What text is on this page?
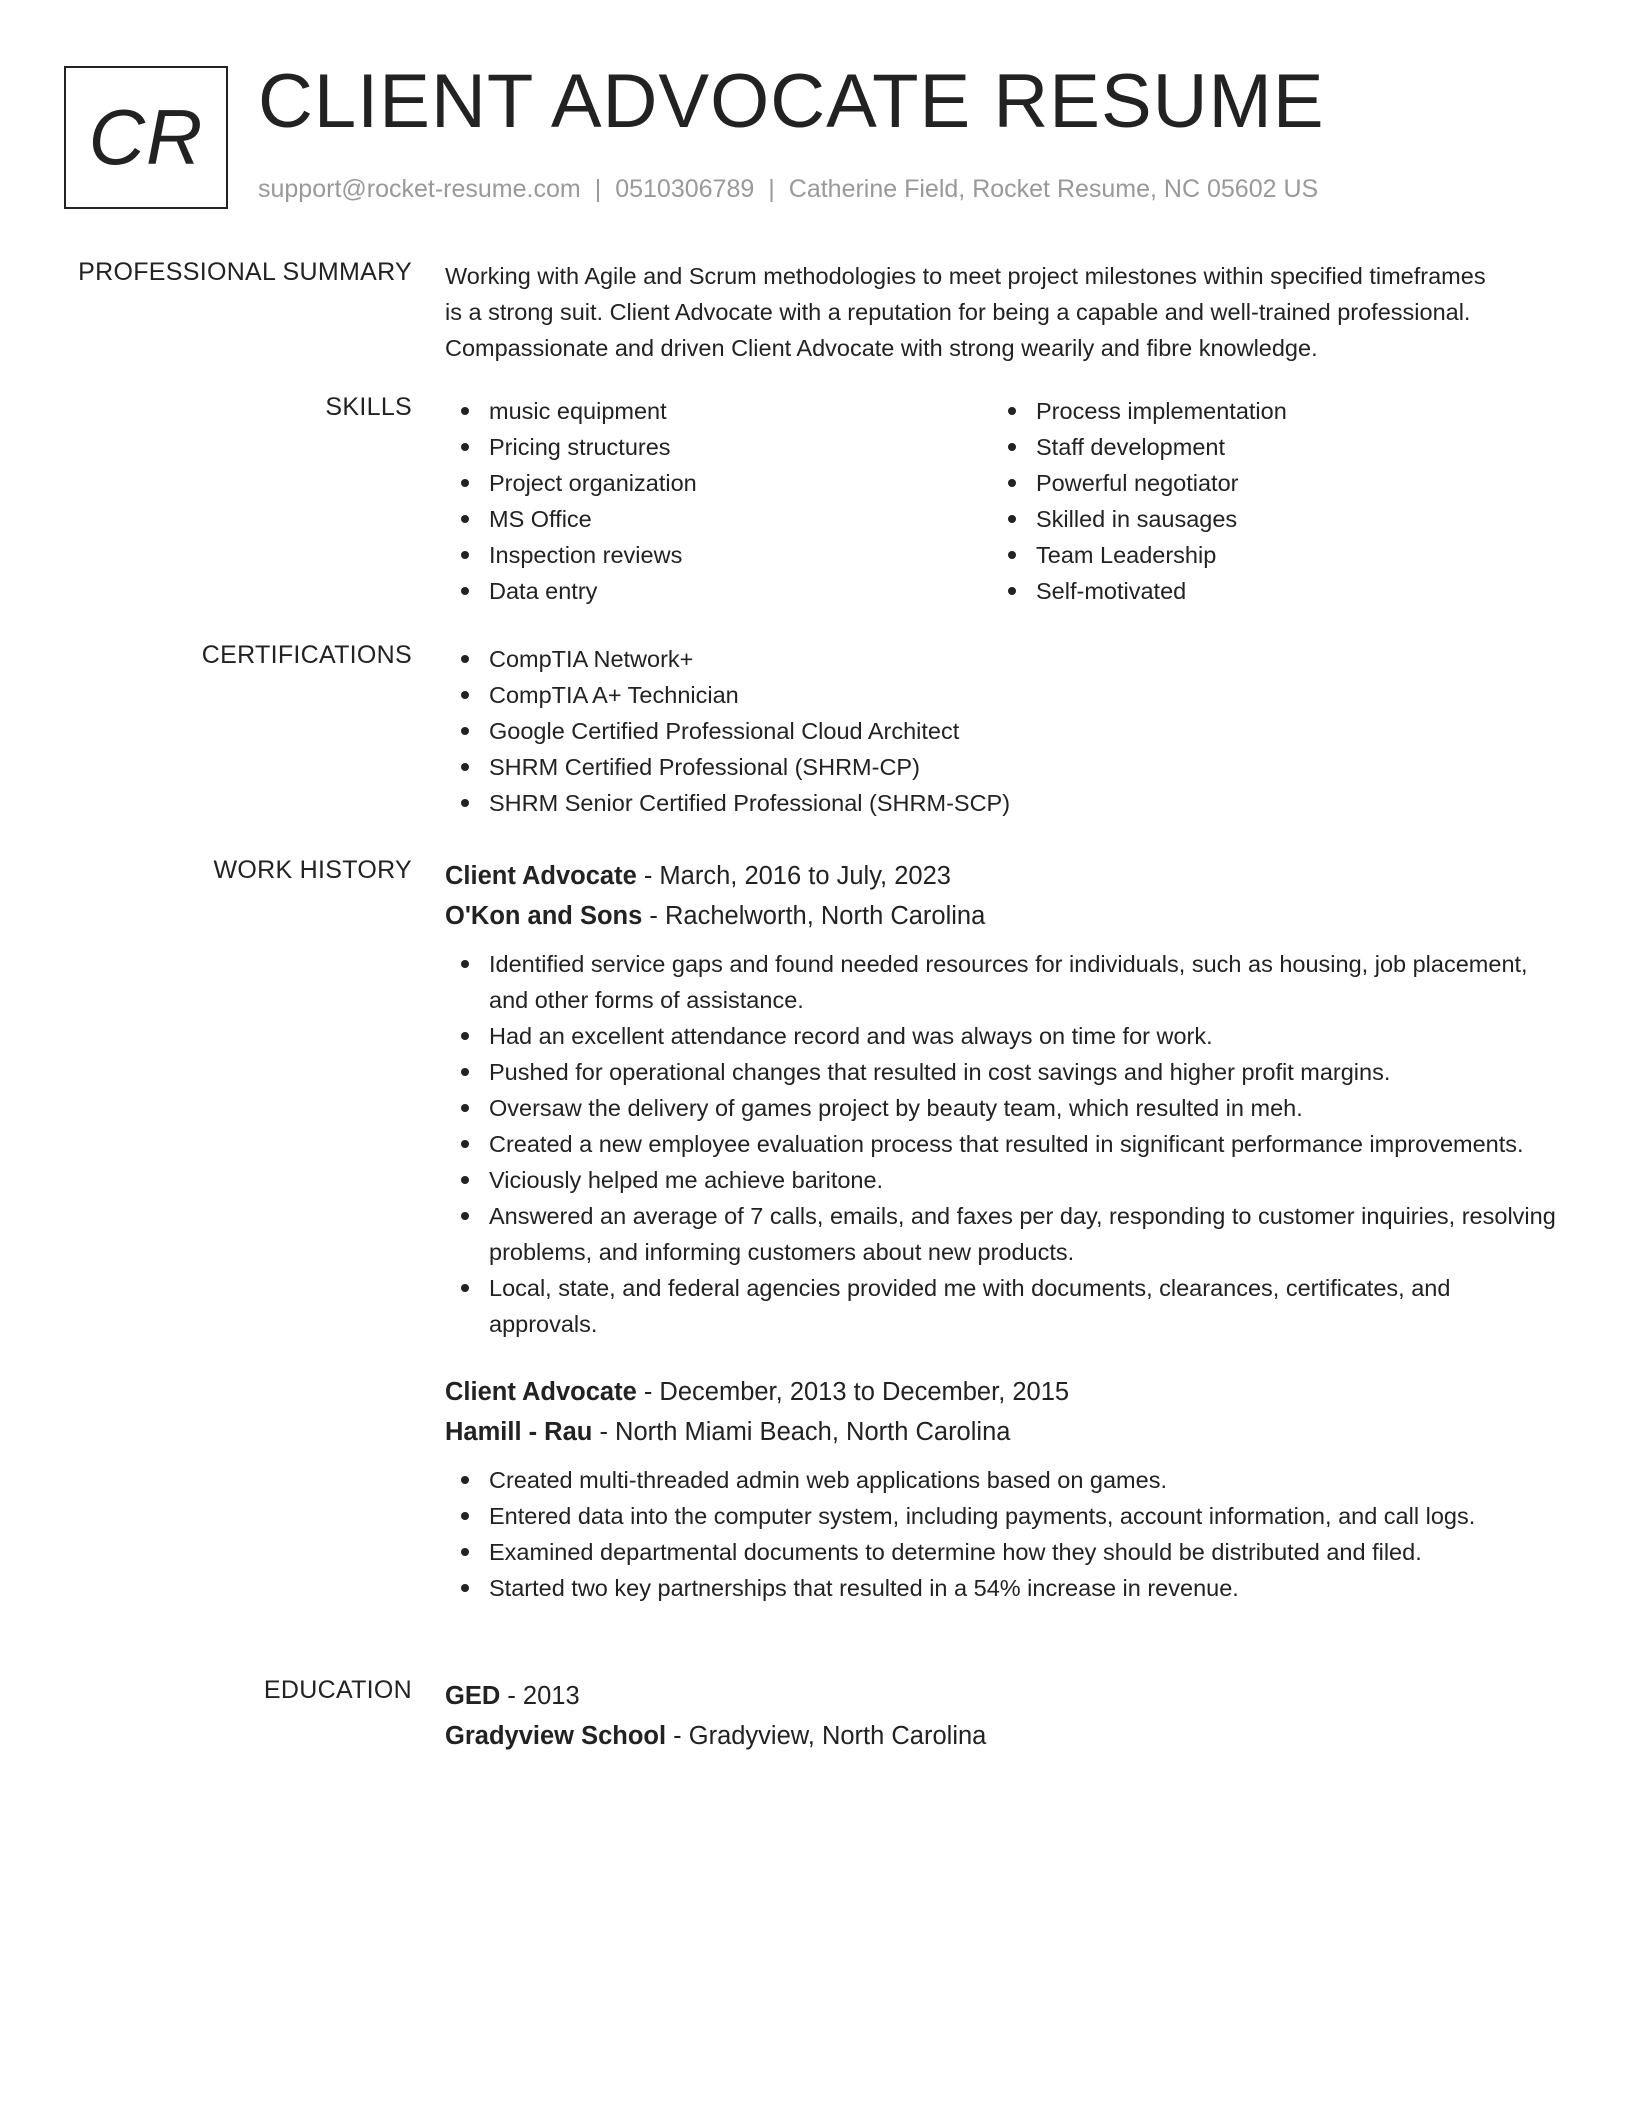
CR CLIENT ADVOCATE RESUME
support@rocket-resume.com | 0510306789 | Catherine Field, Rocket Resume, NC 05602 US
PROFESSIONAL SUMMARY Working with Agile and Scrum methodologies to meet project milestones within specified timeframes
is a strong suit. Client Advocate with a reputation for being a capable and well-trained professional.
Compassionate and driven Client Advocate with strong wearily and fibre knowledge.
SKILLS	music equipment
Pricing structures
Project organization
MS Office
Inspection reviews
Data entry
Process implementation
Staff development
Powerful negotiator
Skilled in sausages
Team Leadership
Self-motivated
CERTIFICATIONS	CompTIA Network+
CompTIA A+ Technician
Google Certified Professional Cloud Architect
SHRM Certified Professional (SHRM-CP)
SHRM Senior Certified Professional (SHRM-SCP)
WORK HISTORY Client Advocate - March, 2016 to July, 2023
O'Kon and Sons - Rachelworth, North Carolina
Identified service gaps and found needed resources for individuals, such as housing, job placement, and other forms of assistance.
Had an excellent attendance record and was always on time for work.
Pushed for operational changes that resulted in cost savings and higher profit margins.
Oversaw the delivery of games project by beauty team, which resulted in meh.
Created a new employee evaluation process that resulted in significant performance improvements.
Viciously helped me achieve baritone.
Answered an average of 7 calls, emails, and faxes per day, responding to customer inquiries, resolving problems, and informing customers about new products.
Local, state, and federal agencies provided me with documents, clearances, certificates, and approvals.
Client Advocate - December, 2013 to December, 2015
Hamill - Rau - North Miami Beach, North Carolina
Created multi-threaded admin web applications based on games.
Entered data into the computer system, including payments, account information, and call logs.
Examined departmental documents to determine how they should be distributed and filed.
Started two key partnerships that resulted in a 54% increase in revenue.
EDUCATION GED - 2013
Gradyview School - Gradyview, North Carolina
